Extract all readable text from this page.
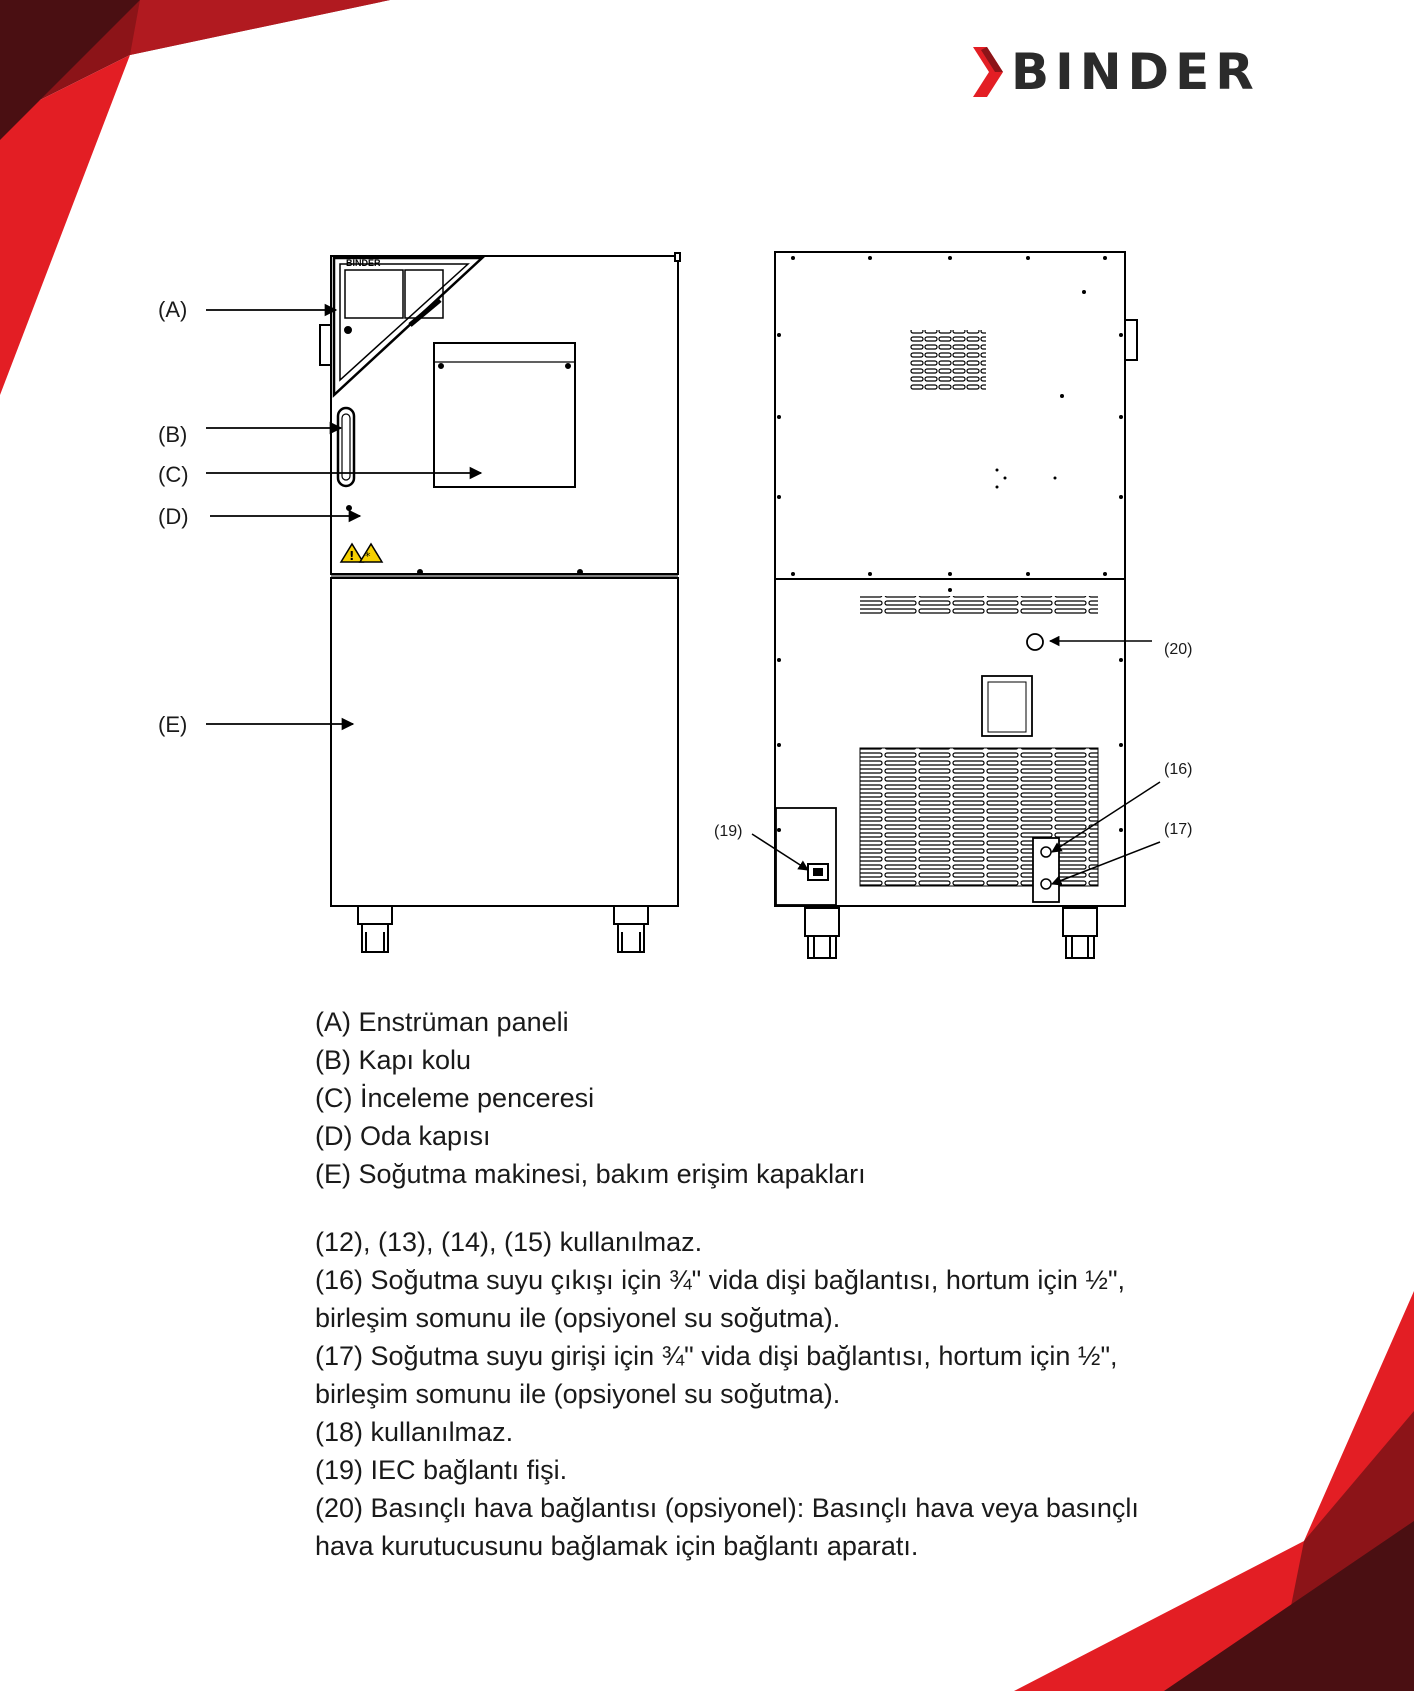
BINDER
BINDER
! *
(A)
(B)
(C)
(D)
(E)
(20)
(16)
(17)
(19)
(A) Enstrüman paneli
(B) Kapı kolu
(C) İnceleme penceresi
(D) Oda kapısı
(E) Soğutma makinesi, bakım erişim kapakları
(12), (13), (14), (15) kullanılmaz.
(16) Soğutma suyu çıkışı için ¾" vida dişi bağlantısı, hortum için ½",
birleşim somunu ile (opsiyonel su soğutma).
(17) Soğutma suyu girişi için ¾" vida dişi bağlantısı, hortum için ½",
birleşim somunu ile (opsiyonel su soğutma).
(18) kullanılmaz.
(19) IEC bağlantı fişi.
(20) Basınçlı hava bağlantısı (opsiyonel): Basınçlı hava veya basınçlı
hava kurutucusunu bağlamak için bağlantı aparatı.
